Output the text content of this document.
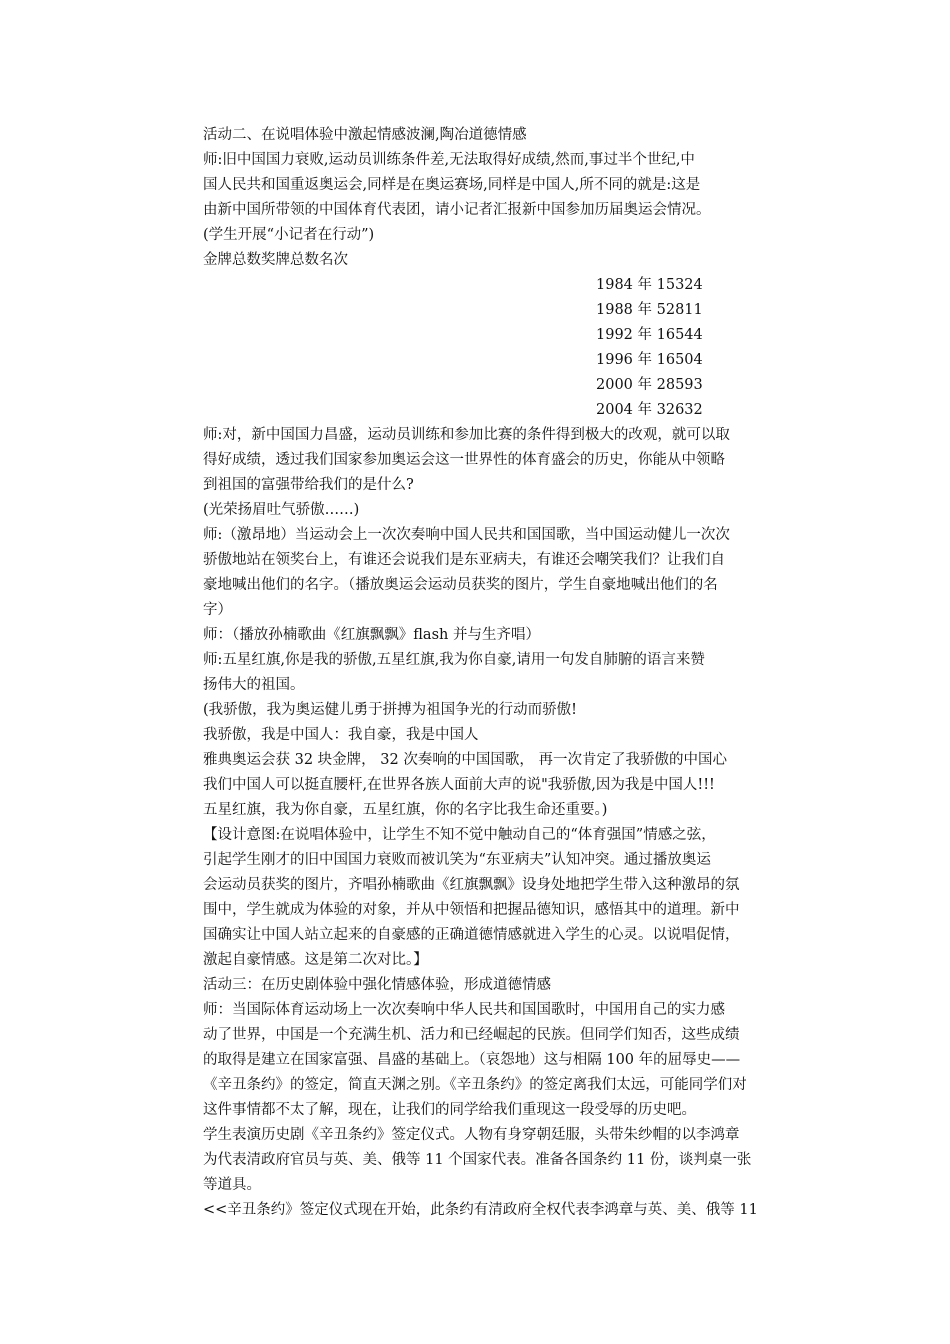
活动二、在说唱体验中激起情感波澜,陶冶道德情感
师:旧中国国力衰败,运动员训练条件差,无法取得好成绩,然而,事过半个世纪,中
国人民共和国重返奥运会,同样是在奥运赛场,同样是中国人,所不同的就是:这是
由新中国所带领的中国体育代表团，请小记者汇报新中国参加历届奥运会情况。
(学生开展“小记者在行动”)
金牌总数奖牌总数名次
1984 年 15324
1988 年 52811
1992 年 16544
1996 年 16504
2000 年 28593
2004 年 32632
师:对，新中国国力昌盛，运动员训练和参加比赛的条件得到极大的改观，就可以取
得好成绩，透过我们国家参加奥运会这一世界性的体育盛会的历史，你能从中领略
到祖国的富强带给我们的是什么?
(光荣扬眉吐气骄傲……)
师:（激昂地）当运动会上一次次奏响中国人民共和国国歌，当中国运动健儿一次次
骄傲地站在领奖台上，有谁还会说我们是东亚病夫，有谁还会嘲笑我们？让我们自
豪地喊出他们的名字。（播放奥运会运动员获奖的图片，学生自豪地喊出他们的名
字）
师：（播放孙楠歌曲《红旗飘飘》flash 并与生齐唱）
师:五星红旗,你是我的骄傲,五星红旗,我为你自豪,请用一句发自肺腑的语言来赞
扬伟大的祖国。
(我骄傲，我为奥运健儿勇于拼搏为祖国争光的行动而骄傲!
我骄傲，我是中国人：我自豪，我是中国人
雅典奥运会获 32 块金牌， 32 次奏响的中国国歌， 再一次肯定了我骄傲的中国心
我们中国人可以挺直腰杆,在世界各族人面前大声的说"我骄傲,因为我是中国人!!!
五星红旗，我为你自豪，五星红旗，你的名字比我生命还重要。)
【设计意图:在说唱体验中，让学生不知不觉中触动自己的“体育强国”情感之弦，
引起学生刚才的旧中国国力衰败而被讥笑为“东亚病夫”认知冲突。通过播放奥运
会运动员获奖的图片，齐唱孙楠歌曲《红旗飘飘》设身处地把学生带入这种激昂的氛
围中，学生就成为体验的对象，并从中领悟和把握品德知识，感悟其中的道理。新中
国确实让中国人站立起来的自豪感的正确道德情感就进入学生的心灵。以说唱促情，
激起自豪情感。这是第二次对比。】
活动三：在历史剧体验中强化情感体验，形成道德情感
师：当国际体育运动场上一次次奏响中华人民共和国国歌时，中国用自己的实力感
动了世界，中国是一个充满生机、活力和已经崛起的民族。但同学们知否，这些成绩
的取得是建立在国家富强、昌盛的基础上。（哀怨地）这与相隔 100 年的屈辱史——
《辛丑条约》的签定，简直天渊之别。《辛丑条约》的签定离我们太远，可能同学们对
这件事情都不太了解，现在，让我们的同学给我们重现这一段受辱的历史吧。
学生表演历史剧《辛丑条约》签定仪式。人物有身穿朝廷服，头带朱纱帽的以李鸿章
为代表清政府官员与英、美、俄等 11 个国家代表。准备各国条约 11 份，谈判桌一张
等道具。
<<辛丑条约》签定仪式现在开始，此条约有清政府全权代表李鸿章与英、美、俄等 11
